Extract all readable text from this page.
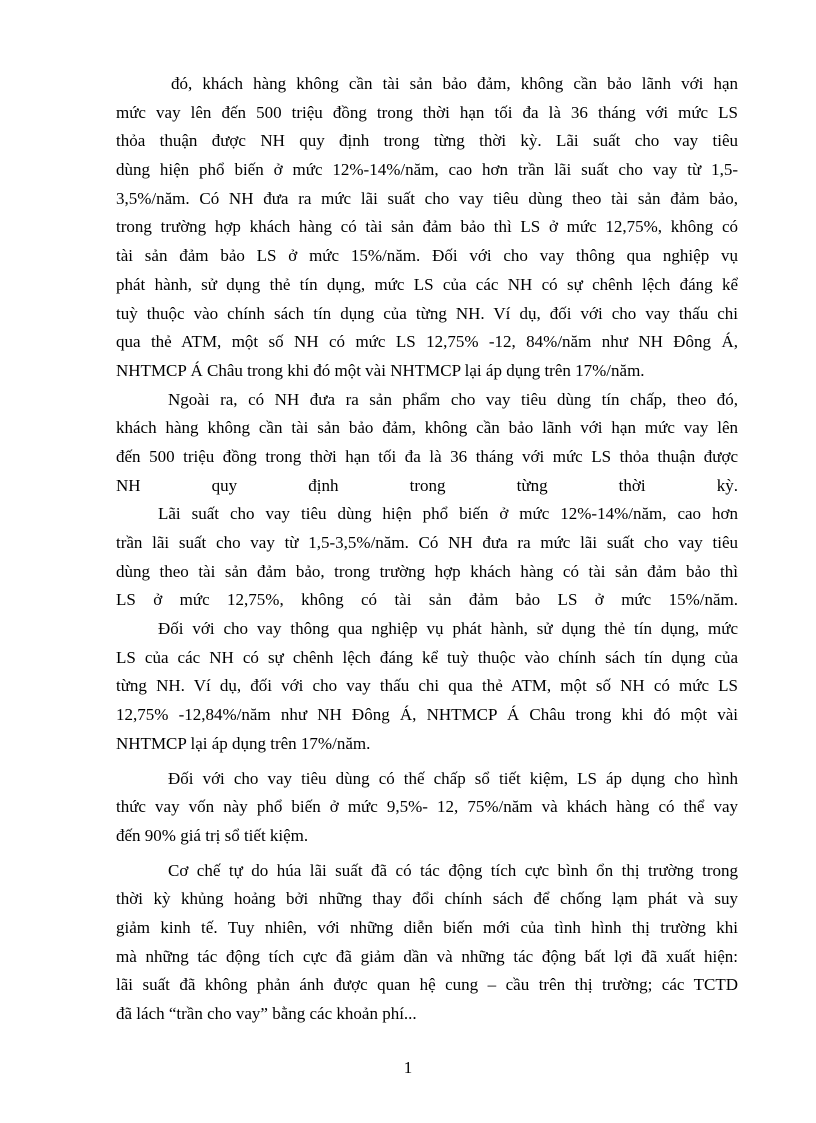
đó, khách hàng không cần tài sản bảo đảm, không cần bảo lãnh với hạn
mức vay lên đến 500 triệu đồng trong thời hạn tối đa là 36 tháng với mức LS
thỏa thuận được NH quy định trong từng thời kỳ. Lãi suất cho vay tiêu
dùng hiện phổ biến ở mức 12%-14%/năm, cao hơn trần lãi suất cho vay từ 1,5-
3,5%/năm. Có NH đưa ra mức lãi suất cho vay tiêu dùng theo tài sản đảm bảo,
trong trường hợp khách hàng có tài sản đảm bảo thì LS ở mức 12,75%, không có
tài sản đảm bảo LS ở mức 15%/năm. Đối với cho vay thông qua nghiệp vụ
phát hành, sử dụng thẻ tín dụng, mức LS của các NH có sự chênh lệch đáng kể
tuỳ thuộc vào chính sách tín dụng của từng NH. Ví dụ, đối với cho vay thấu chi
qua thẻ ATM, một số NH có mức LS 12,75% -12, 84%/năm như NH Đông Á,
NHTMCP Á Châu trong khi đó một vài NHTMCP lại áp dụng trên 17%/năm.
Ngoài ra, có NH đưa ra sản phẩm cho vay tiêu dùng tín chấp, theo đó,
khách hàng không cần tài sản bảo đảm, không cần bảo lãnh với hạn mức vay lên
đến 500 triệu đồng trong thời hạn tối đa là 36 tháng với mức LS thỏa thuận được
NH quy định trong từng thời kỳ.
Lãi suất cho vay tiêu dùng hiện phổ biến ở mức 12%-14%/năm, cao hơn
trần lãi suất cho vay từ 1,5-3,5%/năm. Có NH đưa ra mức lãi suất cho vay tiêu
dùng theo tài sản đảm bảo, trong trường hợp khách hàng có tài sản đảm bảo thì
LS ở mức 12,75%, không có tài sản đảm bảo LS ở mức 15%/năm.
Đối với cho vay thông qua nghiệp vụ phát hành, sử dụng thẻ tín dụng, mức
LS của các NH có sự chênh lệch đáng kể tuỳ thuộc vào chính sách tín dụng của
từng NH. Ví dụ, đối với cho vay thấu chi qua thẻ ATM, một số NH có mức LS
12,75% -12,84%/năm như NH Đông Á, NHTMCP Á Châu trong khi đó một vài
NHTMCP lại áp dụng trên 17%/năm.
Đối với cho vay tiêu dùng có thế chấp sổ tiết kiệm, LS áp dụng cho hình
thức vay vốn này phổ biến ở mức 9,5%- 12, 75%/năm và khách hàng có thể vay
đến 90% giá trị sổ tiết kiệm.
Cơ chế tự do húa lãi suất đã có tác động tích cực bình ổn thị trường trong
thời kỳ khủng hoảng bởi những thay đổi chính sách để chống lạm phát và suy
giảm kinh tế. Tuy nhiên, với những diễn biến mới của tình hình thị trường khi
mà những tác động tích cực đã giảm dần và những tác động bất lợi đã xuất hiện:
lãi suất đã không phản ánh được quan hệ cung – cầu trên thị trường; các TCTD
đã lách “trần cho vay” bằng các khoản phí...
1
